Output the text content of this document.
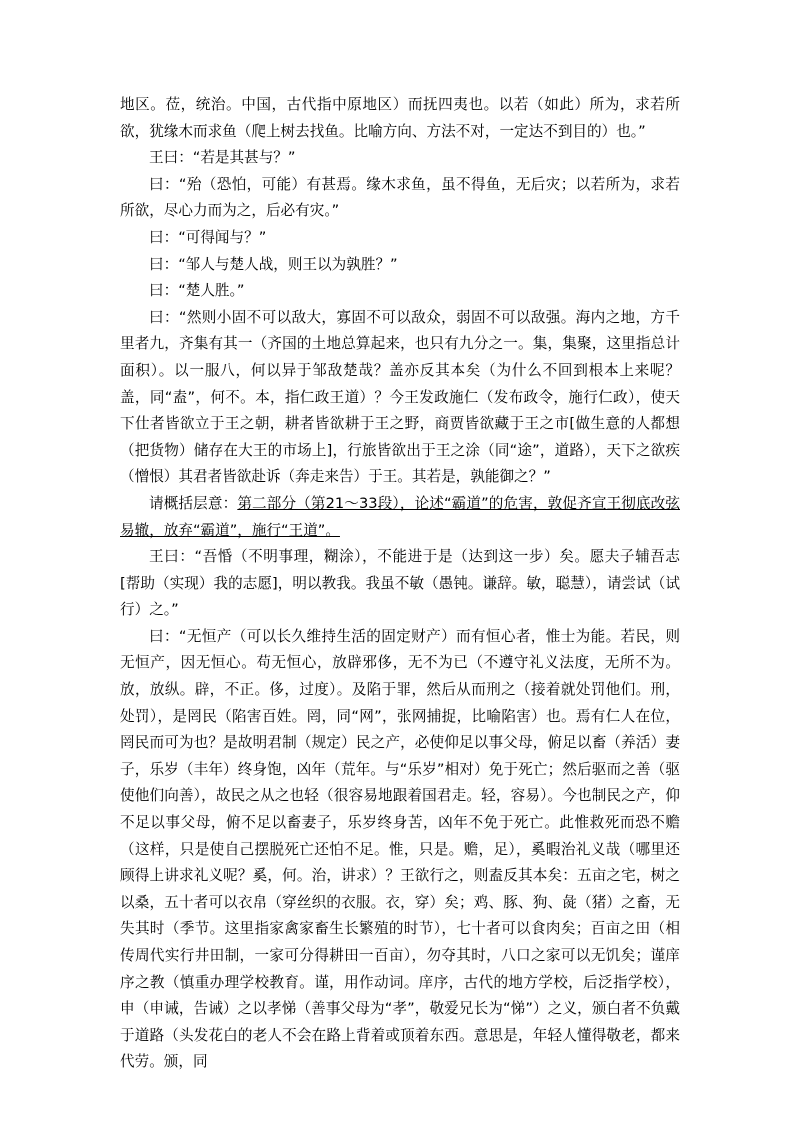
地区。莅，统治。中国，古代指中原地区）而抚四夷也。以若（如此）所为，求若所欲，犹缘木而求鱼（爬上树去找鱼。比喻方向、方法不对，一定达不到目的）也。”

王曰：“若是其甚与？”

曰：“殆（恐怕，可能）有甚焉。缘木求鱼，虽不得鱼，无后灾；以若所为，求若所欲，尽心力而为之，后必有灾。”

曰：“可得闻与？”

曰：“邹人与楚人战，则王以为孰胜？”

曰：“楚人胜。”

曰：“然则小固不可以敌大，寡固不可以敌众，弱固不可以敌强。海内之地，方千里者九，齐集有其一（齐国的土地总算起来，也只有九分之一。集，集聚，这里指总计面积）。以一服八，何以异于邹敌楚哉？盖亦反其本矣（为什么不回到根本上来呢？盖，同“盍”，何不。本，指仁政王道）？今王发政施仁（发布政令，施行仁政），使天下仕者皆欲立于王之朝，耕者皆欲耕于王之野，商贾皆欲藏于王之市[做生意的人都想（把货物）储存在大王的市场上]，行旅皆欲出于王之涂（同“途”，道路），天下之欲疾（憎恨）其君者皆欲赴诉（奔走来告）于王。其若是，孰能御之？”

请概括层意：第二部分（第21～33段），论述“霸道”的危害，敦促齐宣王彻底改弦易辙，放弃“霸道”，施行“王道”。

王曰：“吾惛（不明事理，糊涂），不能进于是（达到这一步）矣。愿夫子辅吾志[帮助（实现）我的志愿]，明以教我。我虽不敏（愚钝。谦辞。敏，聪慧），请尝试（试行）之。”

曰：“无恒产（可以长久维持生活的固定财产）而有恒心者，惟士为能。若民，则无恒产，因无恒心。苟无恒心，放辟邪侈，无不为已（不遵守礼义法度，无所不为。放，放纵。辟，不正。侈，过度）。及陷于罪，然后从而刑之（接着就处罚他们。刑，处罚），是罔民（陷害百姓。罔，同“网”，张网捕捉，比喻陷害）也。焉有仁人在位，罔民而可为也？是故明君制（规定）民之产，必使仰足以事父母，俯足以畜（养活）妻子，乐岁（丰年）终身饱，凶年（荒年。与“乐岁”相对）免于死亡；然后驱而之善（驱使他们向善），故民之从之也轻（很容易地跟着国君走。轻，容易）。今也制民之产，仰不足以事父母，俯不足以畜妻子，乐岁终身苦，凶年不免于死亡。此惟救死而恐不赡（这样，只是使自己摆脱死亡还怕不足。惟，只是。赡，足），奚暇治礼义哉（哪里还顾得上讲求礼义呢？奚，何。治，讲求）？王欲行之，则盍反其本矣：五亩之宅，树之以桑，五十者可以衣帛（穿丝织的衣服。衣，穿）矣；鸡、豚、狗、彘（猪）之畜，无失其时（季节。这里指家禽家畜生长繁殖的时节），七十者可以食肉矣；百亩之田（相传周代实行井田制，一家可分得耕田一百亩），勿夺其时，八口之家可以无饥矣；谨庠序之教（慎重办理学校教育。谨，用作动词。庠序，古代的地方学校，后泛指学校），申（申诫，告诫）之以孝悌（善事父母为“孝”，敬爱兄长为“悌”）之义，颁白者不负戴于道路（头发花白的老人不会在路上背着或顶着东西。意思是，年轻人懂得敬老，都来代劳。颁，同
